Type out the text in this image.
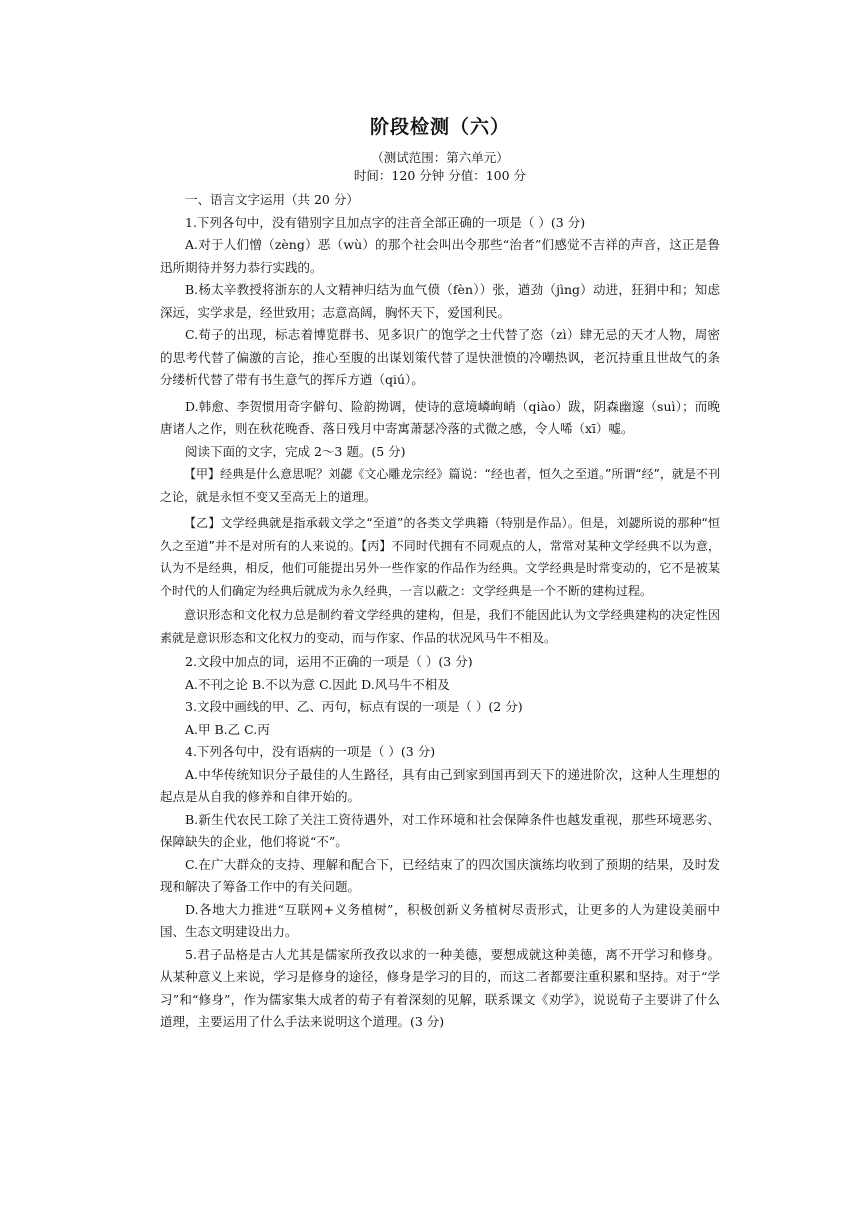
阶段检测（六）

（测试范围：第六单元）

时间：120 分钟 分值：100 分

一、语言文字运用（共 20 分）

1.下列各句中，没有错别字且加点字的注音全部正确的一项是（ ）(3 分)

A.对于人们憎（zèng）恶（wù）的那个社会叫出令那些“治者”们感觉不吉祥的声音，这正是鲁迅所期待并努力恭行实践的。

B.杨太辛教授将浙东的人文精神归结为血气偾（fèn））张，遒劲（jìng）动进，狂狷中和；知虑深远，实学求是，经世致用；志意高阔，胸怀天下，爱国利民。

C.荀子的出现，标志着博览群书、见多识广的饱学之士代替了恣（zì）肆无忌的天才人物，周密的思考代替了偏激的言论，推心至腹的出谋划策代替了逞快泄愤的冷嘲热讽，老沉持重且世故气的条分缕析代替了带有书生意气的挥斥方遒（qiú）。

D.韩愈、李贺惯用奇字僻句、险韵拗调，使诗的意境嶙峋峭（qiào）跋，阴森幽邃（suì）；而晚唐诸人之作，则在秋花晚香、落日残月中寄寓萧瑟冷落的式微之感，令人唏（xī）嘘。

阅读下面的文字，完成 2～3 题。(5 分)

【甲】经典是什么意思呢？刘勰《文心雕龙宗经》篇说：“经也者，恒久之至道。”所谓“经”，就是不刊之论，就是永恒不变又至高无上的道理。

【乙】文学经典就是指承载文学之“至道”的各类文学典籍（特别是作品）。但是，刘勰所说的那种“恒久之至道”并不是对所有的人来说的。【丙】不同时代拥有不同观点的人，常常对某种文学经典不以为意，认为不是经典，相反，他们可能提出另外一些作家的作品作为经典。文学经典是时常变动的，它不是被某个时代的人们确定为经典后就成为永久经典，一言以蔽之：文学经典是一个不断的建构过程。

意识形态和文化权力总是制约着文学经典的建构，但是，我们不能因此认为文学经典建构的决定性因素就是意识形态和文化权力的变动，而与作家、作品的状况风马牛不相及。

2.文段中加点的词，运用不正确的一项是（ ）(3 分)

A.不刊之论 B.不以为意 C.因此 D.风马牛不相及

3.文段中画线的甲、乙、丙句，标点有误的一项是（ ）(2 分)

A.甲 B.乙 C.丙

4.下列各句中，没有语病的一项是（ ）(3 分)

A.中华传统知识分子最佳的人生路径，具有由己到家到国再到天下的递进阶次，这种人生理想的起点是从自我的修养和自律开始的。

B.新生代农民工除了关注工资待遇外，对工作环境和社会保障条件也越发重视，那些环境恶劣、保障缺失的企业，他们将说“不”。

C.在广大群众的支持、理解和配合下，已经结束了的四次国庆演练均收到了预期的结果，及时发现和解决了筹备工作中的有关问题。

D.各地大力推进“互联网+义务植树”，积极创新义务植树尽责形式，让更多的人为建设美丽中国、生态文明建设出力。

5.君子品格是古人尤其是儒家所孜孜以求的一种美德，要想成就这种美德，离不开学习和修身。从某种意义上来说，学习是修身的途径，修身是学习的目的，而这二者都要注重积累和坚持。对于“学习”和“修身”，作为儒家集大成者的荀子有着深刻的见解，联系课文《劝学》，说说荀子主要讲了什么道理，主要运用了什么手法来说明这个道理。(3 分)
